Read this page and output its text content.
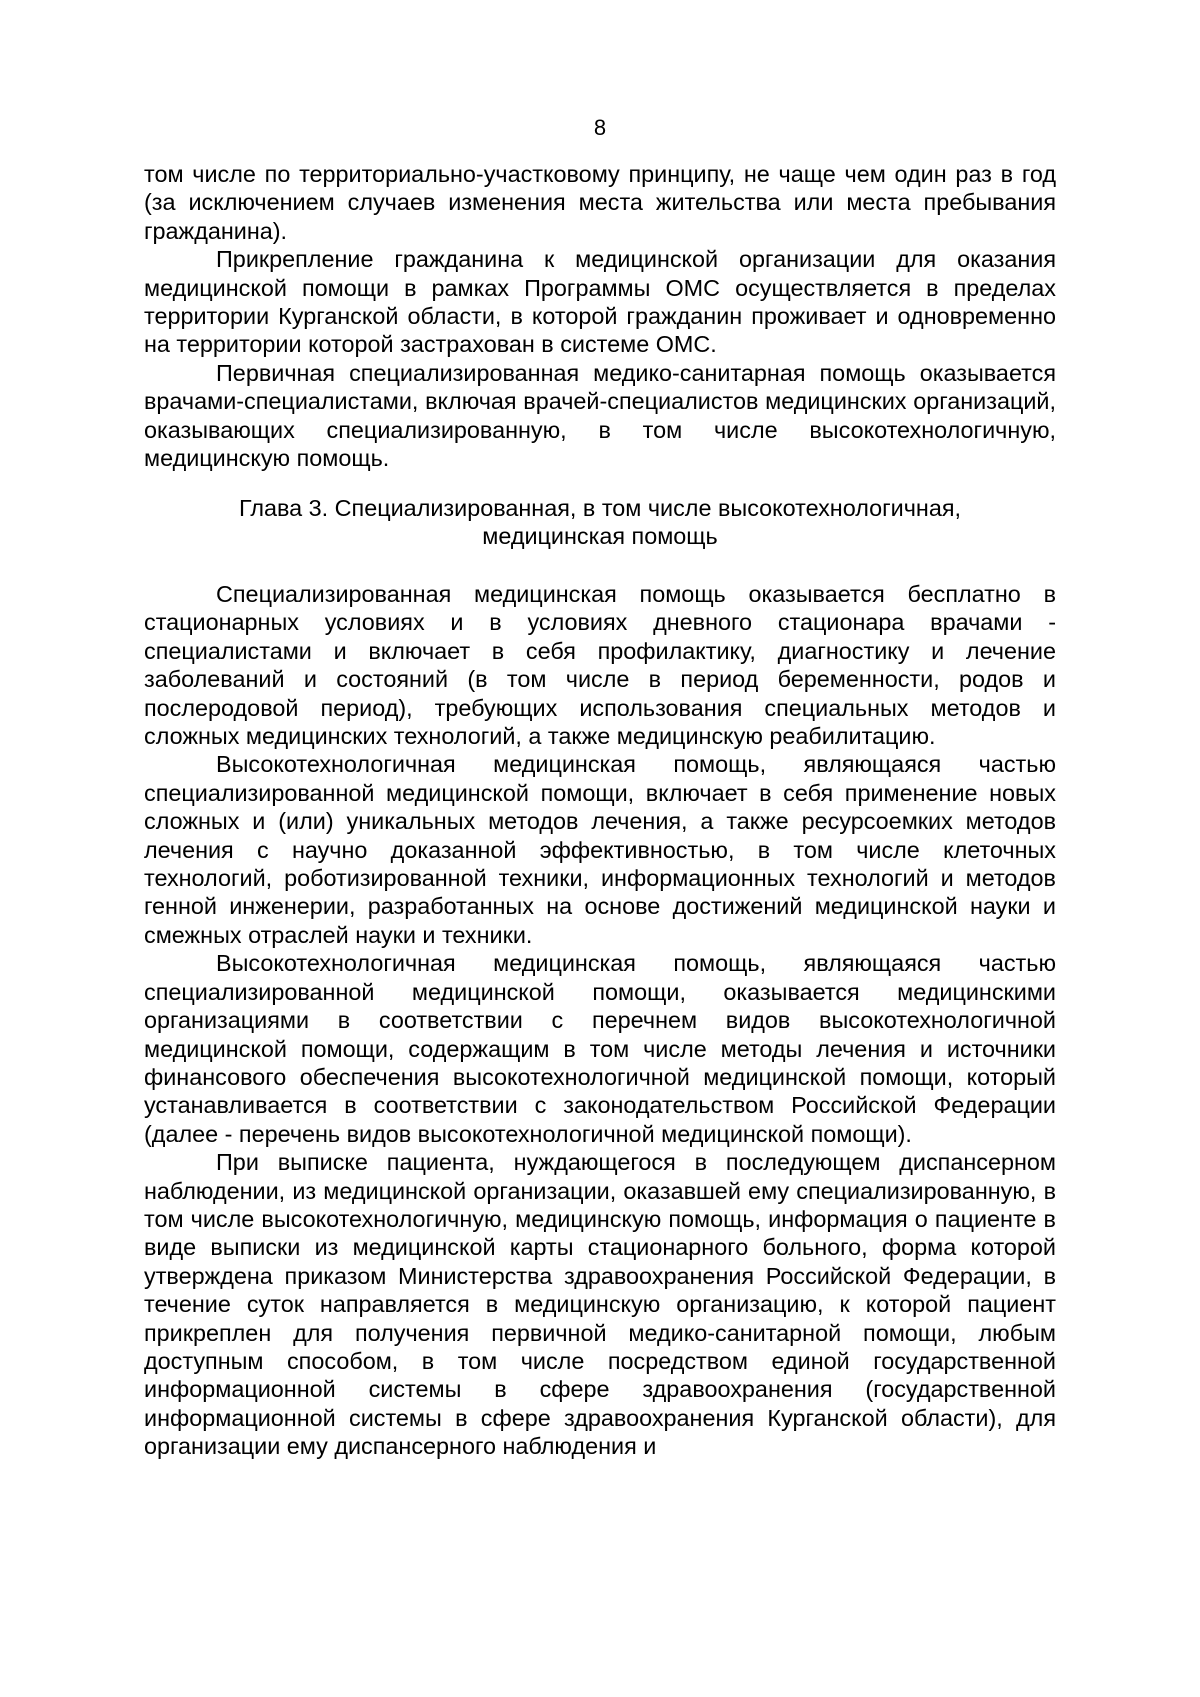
8

том числе по территориально-участковому принципу, не чаще чем один раз в год (за исключением случаев изменения места жительства или места пребывания гражданина).

Прикрепление гражданина к медицинской организации для оказания медицинской помощи в рамках Программы ОМС осуществляется в пределах территории Курганской области, в которой гражданин проживает и одновременно на территории которой застрахован в системе ОМС.

Первичная специализированная медико-санитарная помощь оказывается врачами-специалистами, включая врачей-специалистов медицинских организаций, оказывающих специализированную, в том числе высокотехнологичную, медицинскую помощь.

Глава 3. Специализированная, в том числе высокотехнологичная,
медицинская помощь

Специализированная медицинская помощь оказывается бесплатно в стационарных условиях и в условиях дневного стационара врачами - специалистами и включает в себя профилактику, диагностику и лечение заболеваний и состояний (в том числе в период беременности, родов и послеродовой период), требующих использования специальных методов и сложных медицинских технологий, а также медицинскую реабилитацию.

Высокотехнологичная медицинская помощь, являющаяся частью специализированной медицинской помощи, включает в себя применение новых сложных и (или) уникальных методов лечения, а также ресурсоемких методов лечения с научно доказанной эффективностью, в том числе клеточных технологий, роботизированной техники, информационных технологий и методов генной инженерии, разработанных на основе достижений медицинской науки и смежных отраслей науки и техники.

Высокотехнологичная медицинская помощь, являющаяся частью специализированной медицинской помощи, оказывается медицинскими организациями в соответствии с перечнем видов высокотехнологичной медицинской помощи, содержащим в том числе методы лечения и источники финансового обеспечения высокотехнологичной медицинской помощи, который устанавливается в соответствии с законодательством Российской Федерации (далее - перечень видов высокотехнологичной медицинской помощи).

При выписке пациента, нуждающегося в последующем диспансерном наблюдении, из медицинской организации, оказавшей ему специализированную, в том числе высокотехнологичную, медицинскую помощь, информация о пациенте в виде выписки из медицинской карты стационарного больного, форма которой утверждена приказом Министерства здравоохранения Российской Федерации, в течение суток направляется в медицинскую организацию, к которой пациент прикреплен для получения первичной медико-санитарной помощи, любым доступным способом, в том числе посредством единой государственной информационной системы в сфере здравоохранения (государственной информационной системы в сфере здравоохранения Курганской области), для организации ему диспансерного наблюдения и
